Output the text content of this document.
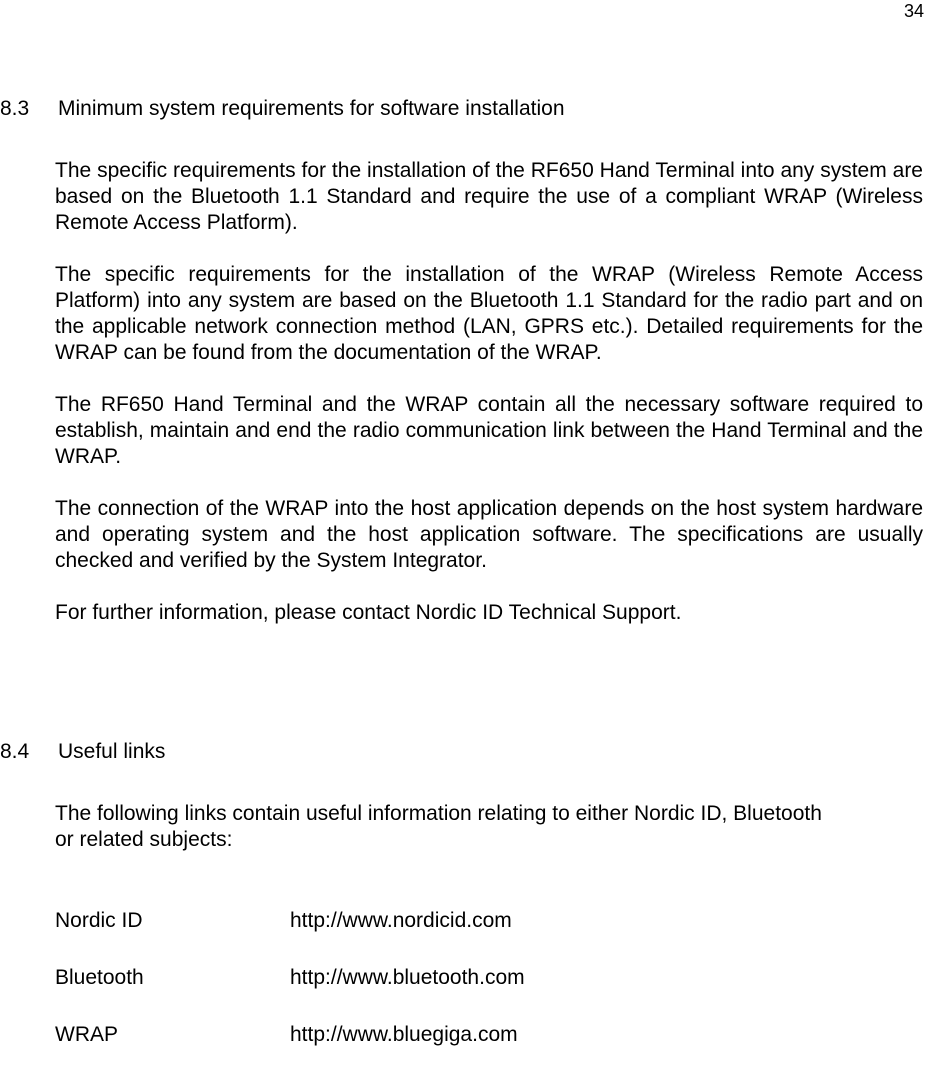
34
8.3 Minimum system requirements for software installation

The specific requirements for the installation of the RF650 Hand Terminal into any system are based on the Bluetooth 1.1 Standard and require the use of a compliant WRAP (Wireless Remote Access Platform).

The specific requirements for the installation of the WRAP (Wireless Remote Access Platform) into any system are based on the Bluetooth 1.1 Standard for the radio part and on the applicable network connection method (LAN, GPRS etc.). Detailed requirements for the WRAP can be found from the documentation of the WRAP.

The RF650 Hand Terminal and the WRAP contain all the necessary software required to establish, maintain and end the radio communication link between the Hand Terminal and the WRAP.

The connection of the WRAP into the host application depends on the host system hardware and operating system and the host application software. The specifications are usually checked and verified by the System Integrator.

For further information, please contact Nordic ID Technical Support.

8.4 Useful links

The following links contain useful information relating to either Nordic ID, Bluetooth or related subjects:

Nordic ID	http://www.nordicid.com
Bluetooth	http://www.bluetooth.com
WRAP	http://www.bluegiga.com
